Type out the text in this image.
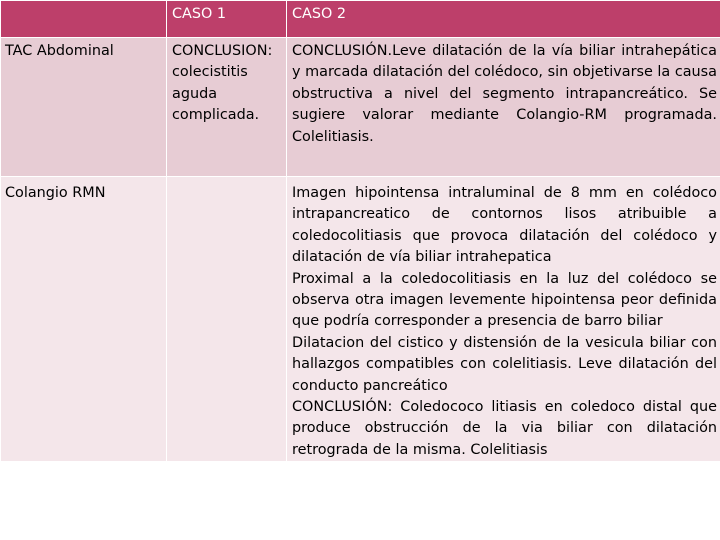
	CASO 1	CASO 2
TAC Abdominal	CONCLUSION: colecistitis aguda complicada.	CONCLUSIÓN.Leve dilatación de la vía biliar intrahepática y marcada dilatación del colédoco, sin objetivarse la causa obstructiva a nivel del segmento intrapancreático. Se sugiere valorar mediante Colangio-RM programada. Colelitiasis.

Colangio RMN		Imagen hipointensa intraluminal de 8 mm en colédoco intrapancreatico de contornos lisos atribuible a coledocolitiasis que provoca dilatación del colédoco y dilatación de vía biliar intrahepatica
Proximal a la coledocolitiasis en la luz del colédoco se observa otra imagen levemente hipointensa peor definida que podría corresponder a presencia de barro biliar
Dilatacion del cistico y distensión de la vesicula biliar con hallazgos compatibles con colelitiasis. Leve dilatación del conducto pancreático
CONCLUSIÓN: Coledococo litiasis en coledoco distal que produce obstrucción de la via biliar con dilatación retrograda de la misma. Colelitiasis
